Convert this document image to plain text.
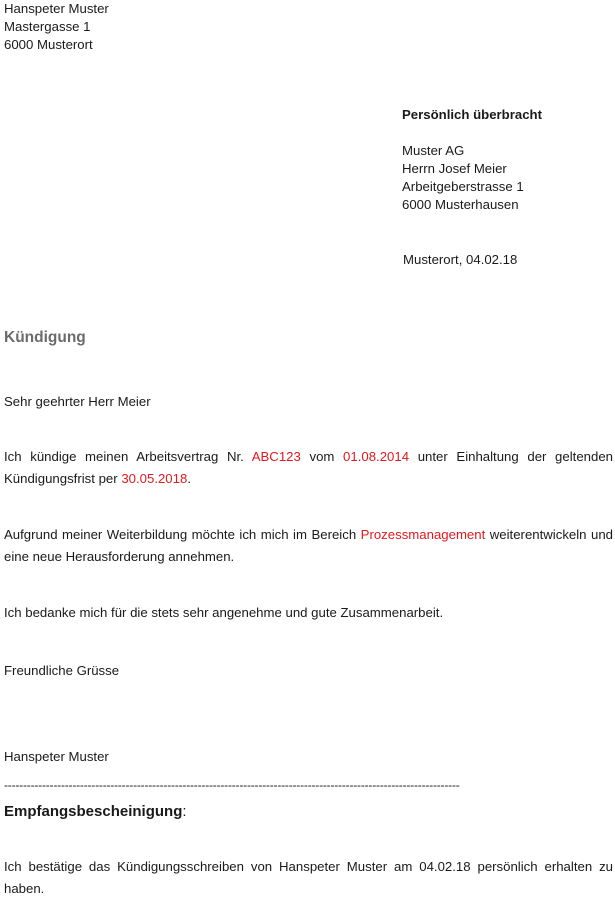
Hanspeter Muster
Mastergasse 1
6000 Musterort
Persönlich überbracht
Muster AG
Herrn Josef Meier
Arbeitgeberstrasse 1
6000 Musterhausen
Musterort, 04.02.18
Kündigung
Sehr geehrter Herr Meier
Ich kündige meinen Arbeitsvertrag Nr. ABC123 vom 01.08.2014 unter Einhaltung der geltenden Kündigungsfrist per 30.05.2018.
Aufgrund meiner Weiterbildung möchte ich mich im Bereich Prozessmanagement weiterentwickeln und eine neue Herausforderung annehmen.
Ich bedanke mich für die stets sehr angenehme und gute Zusammenarbeit.
Freundliche Grüsse
Hanspeter Muster
------------------------------------------------------------------------------------------------------------------------
Empfangsbescheinigung:
Ich bestätige das Kündigungsschreiben von Hanspeter Muster am 04.02.18 persönlich erhalten zu haben.
